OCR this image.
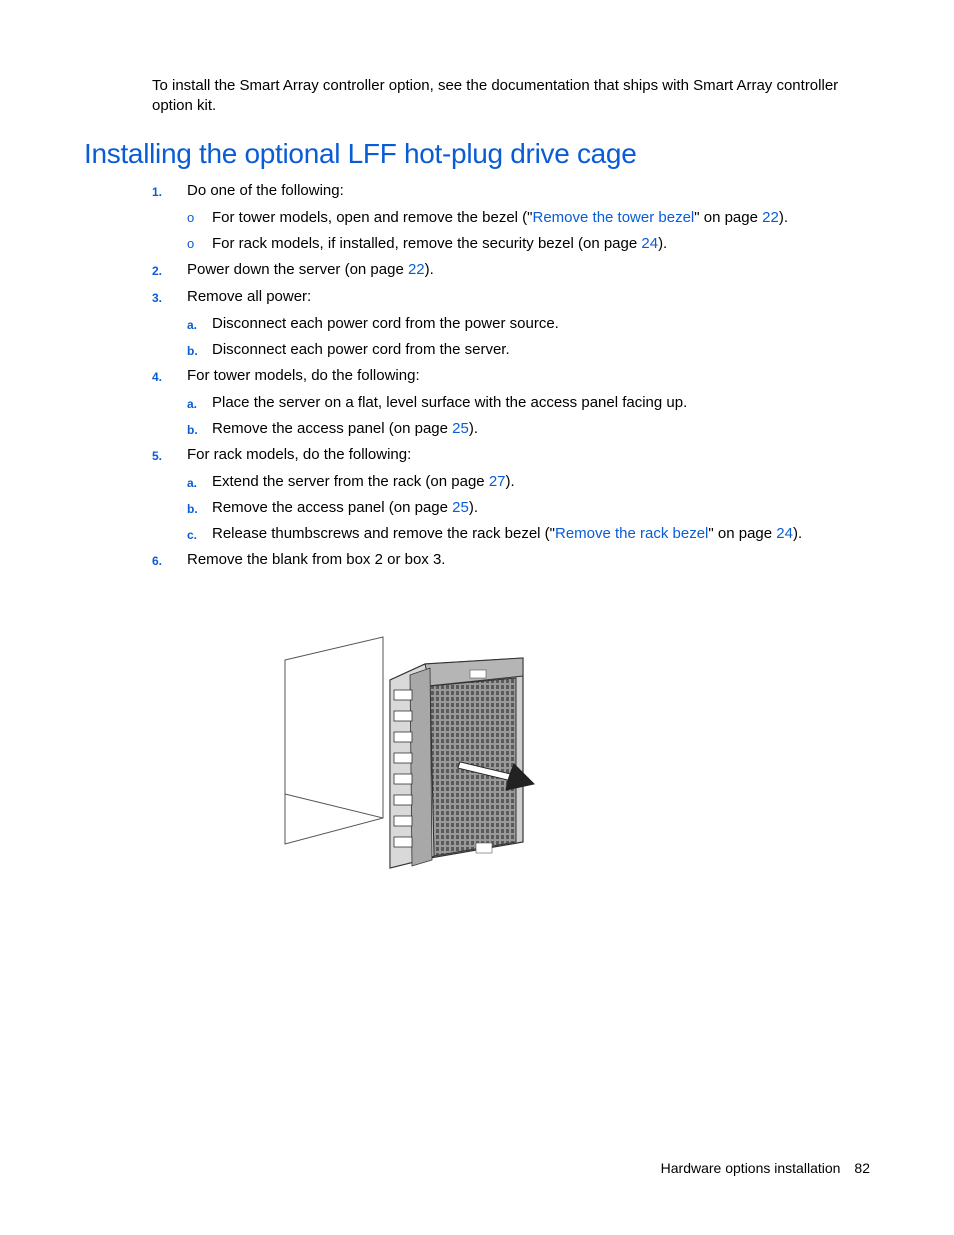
To install the Smart Array controller option, see the documentation that ships with Smart Array controller option kit.

Installing the optional LFF hot-plug drive cage
1. Do one of the following:
o For tower models, open and remove the bezel ("Remove the tower bezel" on page 22).
o For rack models, if installed, remove the security bezel (on page 24).
2. Power down the server (on page 22).
3. Remove all power:
a. Disconnect each power cord from the power source.
b. Disconnect each power cord from the server.
4. For tower models, do the following:
a. Place the server on a flat, level surface with the access panel facing up.
b. Remove the access panel (on page 25).
5. For rack models, do the following:
a. Extend the server from the rack (on page 27).
b. Remove the access panel (on page 25).
c. Release thumbscrews and remove the rack bezel ("Remove the rack bezel" on page 24).
6. Remove the blank from box 2 or box 3.
Hardware options installation 82
